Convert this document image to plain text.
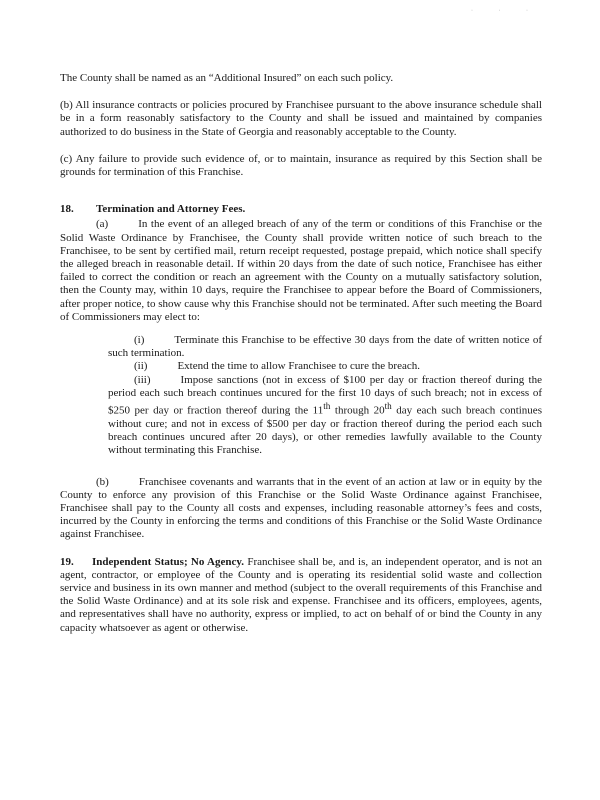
· · ·

The County shall be named as an “Additional Insured” on each such policy.

(b) All insurance contracts or policies procured by Franchisee pursuant to the above insurance schedule shall be in a form reasonably satisfactory to the County and shall be issued and maintained by companies authorized to do business in the State of Georgia and reasonably acceptable to the County.

(c) Any failure to provide such evidence of, or to maintain, insurance as required by this Section shall be grounds for termination of this Franchise.

18. Termination and Attorney Fees.

(a)	In the event of an alleged breach of any of the term or conditions of this Franchise or the Solid Waste Ordinance by Franchisee, the County shall provide written notice of such breach to the Franchisee, to be sent by certified mail, return receipt requested, postage prepaid, which notice shall specify the alleged breach in reasonable detail. If within 20 days from the date of such notice, Franchisee has either failed to correct the condition or reach an agreement with the County on a mutually satisfactory solution, then the County may, within 10 days, require the Franchisee to appear before the Board of Commissioners, after proper notice, to show cause why this Franchise should not be terminated. After such meeting the Board of Commissioners may elect to:

(i)	Terminate this Franchise to be effective 30 days from the date of written notice of such termination.

(ii)	Extend the time to allow Franchisee to cure the breach.

(iii)	Impose sanctions (not in excess of $100 per day or fraction thereof during the period each such breach continues uncured for the first 10 days of such breach; not in excess of $250 per day or fraction thereof during the 11th through 20th day each such breach continues without cure; and not in excess of $500 per day or fraction thereof during the period each such breach continues uncured after 20 days), or other remedies lawfully available to the County without terminating this Franchise.

(b)	Franchisee covenants and warrants that in the event of an action at law or in equity by the County to enforce any provision of this Franchise or the Solid Waste Ordinance against Franchisee, Franchisee shall pay to the County all costs and expenses, including reasonable attorney’s fees and costs, incurred by the County in enforcing the terms and conditions of this Franchise or the Solid Waste Ordinance against Franchisee.

19. Independent Status; No Agency. Franchisee shall be, and is, an independent operator, and is not an agent, contractor, or employee of the County and is operating its residential solid waste and collection service and business in its own manner and method (subject to the overall requirements of this Franchise and the Solid Waste Ordinance) and at its sole risk and expense. Franchisee and its officers, employees, agents, and representatives shall have no authority, express or implied, to act on behalf of or bind the County in any capacity whatsoever as agent or otherwise.
